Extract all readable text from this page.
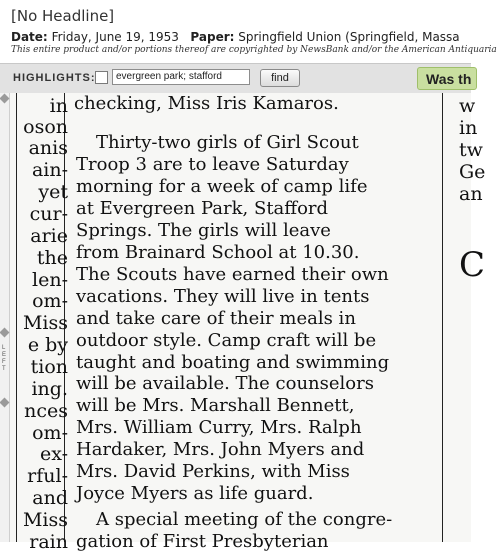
[No Headline]
Date: Friday, June 19, 1953 Paper: Springfield Union (Springfield, Massa
This entire product and/or portions thereof are copyrighted by NewsBank and/or the American Antiquaria
HIGHLIGHTS:	evergreen park; stafford	find	Was th
L
E
F
T
in
oson
anis
ain-
yet
cur-
arie
the
len-
om-
Miss
e by
tion
ing.
nces
om-
ex-
rful-
and
Miss
rain
checking, Miss Iris Kamaros.
Thirty-two girls of Girl Scout
Troop 3 are to leave Saturday
morning for a week of camp life
at Evergreen Park, Stafford
Springs. The girls will leave
from Brainard School at 10.30.
The Scouts have earned their own
vacations. They will live in tents
and take care of their meals in
outdoor style. Camp craft will be
taught and boating and swimming
will be available. The counselors
will be Mrs. Marshall Bennett,
Mrs. William Curry, Mrs. Ralph
Hardaker, Mrs. John Myers and
Mrs. David Perkins, with Miss
Joyce Myers as life guard.
A special meeting of the congre-
gation of First Presbyterian
w
in
tw
Ge
an
C
